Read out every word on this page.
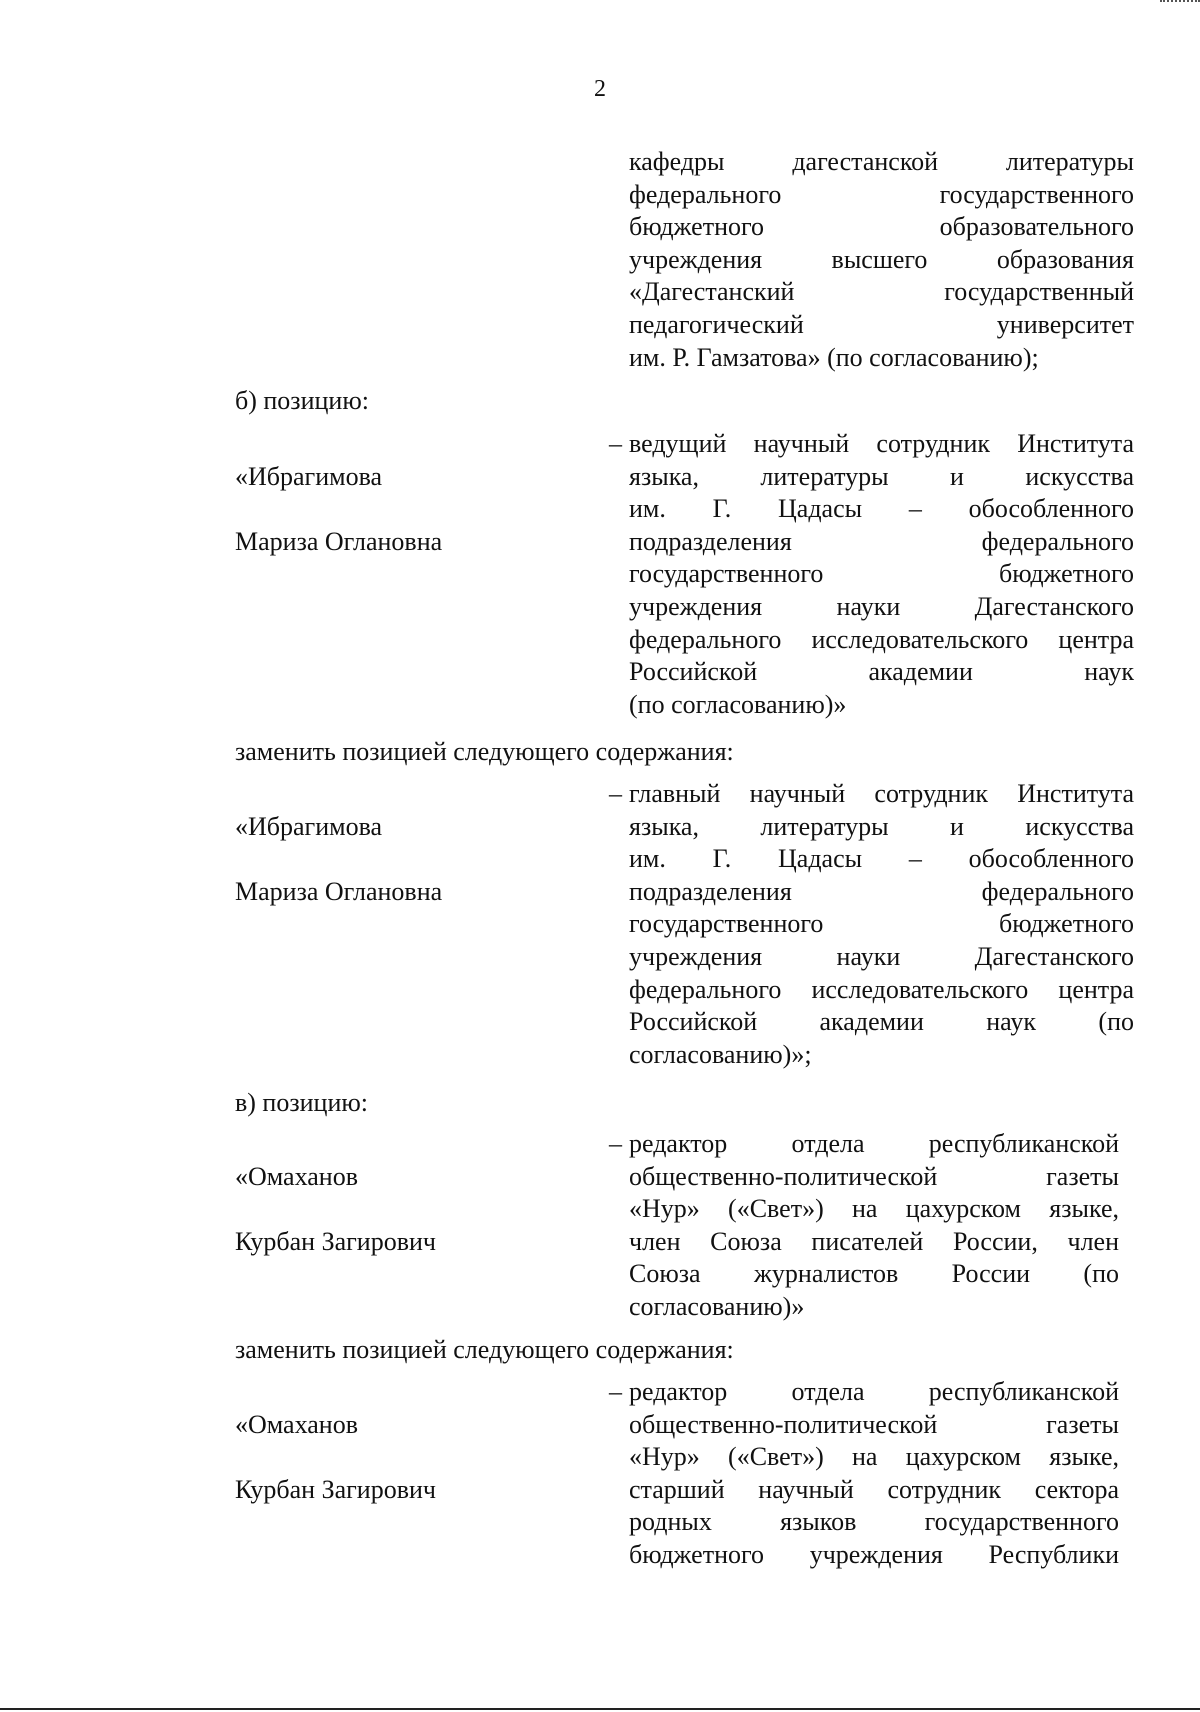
2
кафедры дагестанской литературы
федерального государственного
бюджетного образовательного
учреждения высшего образования
«Дагестанский государственный
педагогический университет
им. Р. Гамзатова» (по согласованию);
б) позицию:

«Ибрагимова

Мариза Оглановна

– ведущий научный сотрудник Института
языка, литературы и искусства
им. Г. Цадасы – обособленного
подразделения федерального
государственного бюджетного
учреждения науки Дагестанского
федерального исследовательского центра
Российской академии наук
(по согласованию)»
заменить позицией следующего содержания:

«Ибрагимова

Мариза Оглановна

– главный научный сотрудник Института
языка, литературы и искусства
им. Г. Цадасы – обособленного
подразделения федерального
государственного бюджетного
учреждения науки Дагестанского
федерального исследовательского центра
Российской академии наук (по
согласованию)»;
в) позицию:

«Омаханов

Курбан Загирович

– редактор отдела республиканской
общественно-политической газеты
«Нур» («Свет») на цахурском языке,
член Союза писателей России, член
Союза журналистов России (по
согласованию)»
заменить позицией следующего содержания:

«Омаханов

Курбан Загирович

– редактор отдела республиканской
общественно-политической газеты
«Нур» («Свет») на цахурском языке,
старший научный сотрудник сектора
родных языков государственного
бюджетного учреждения Республики
